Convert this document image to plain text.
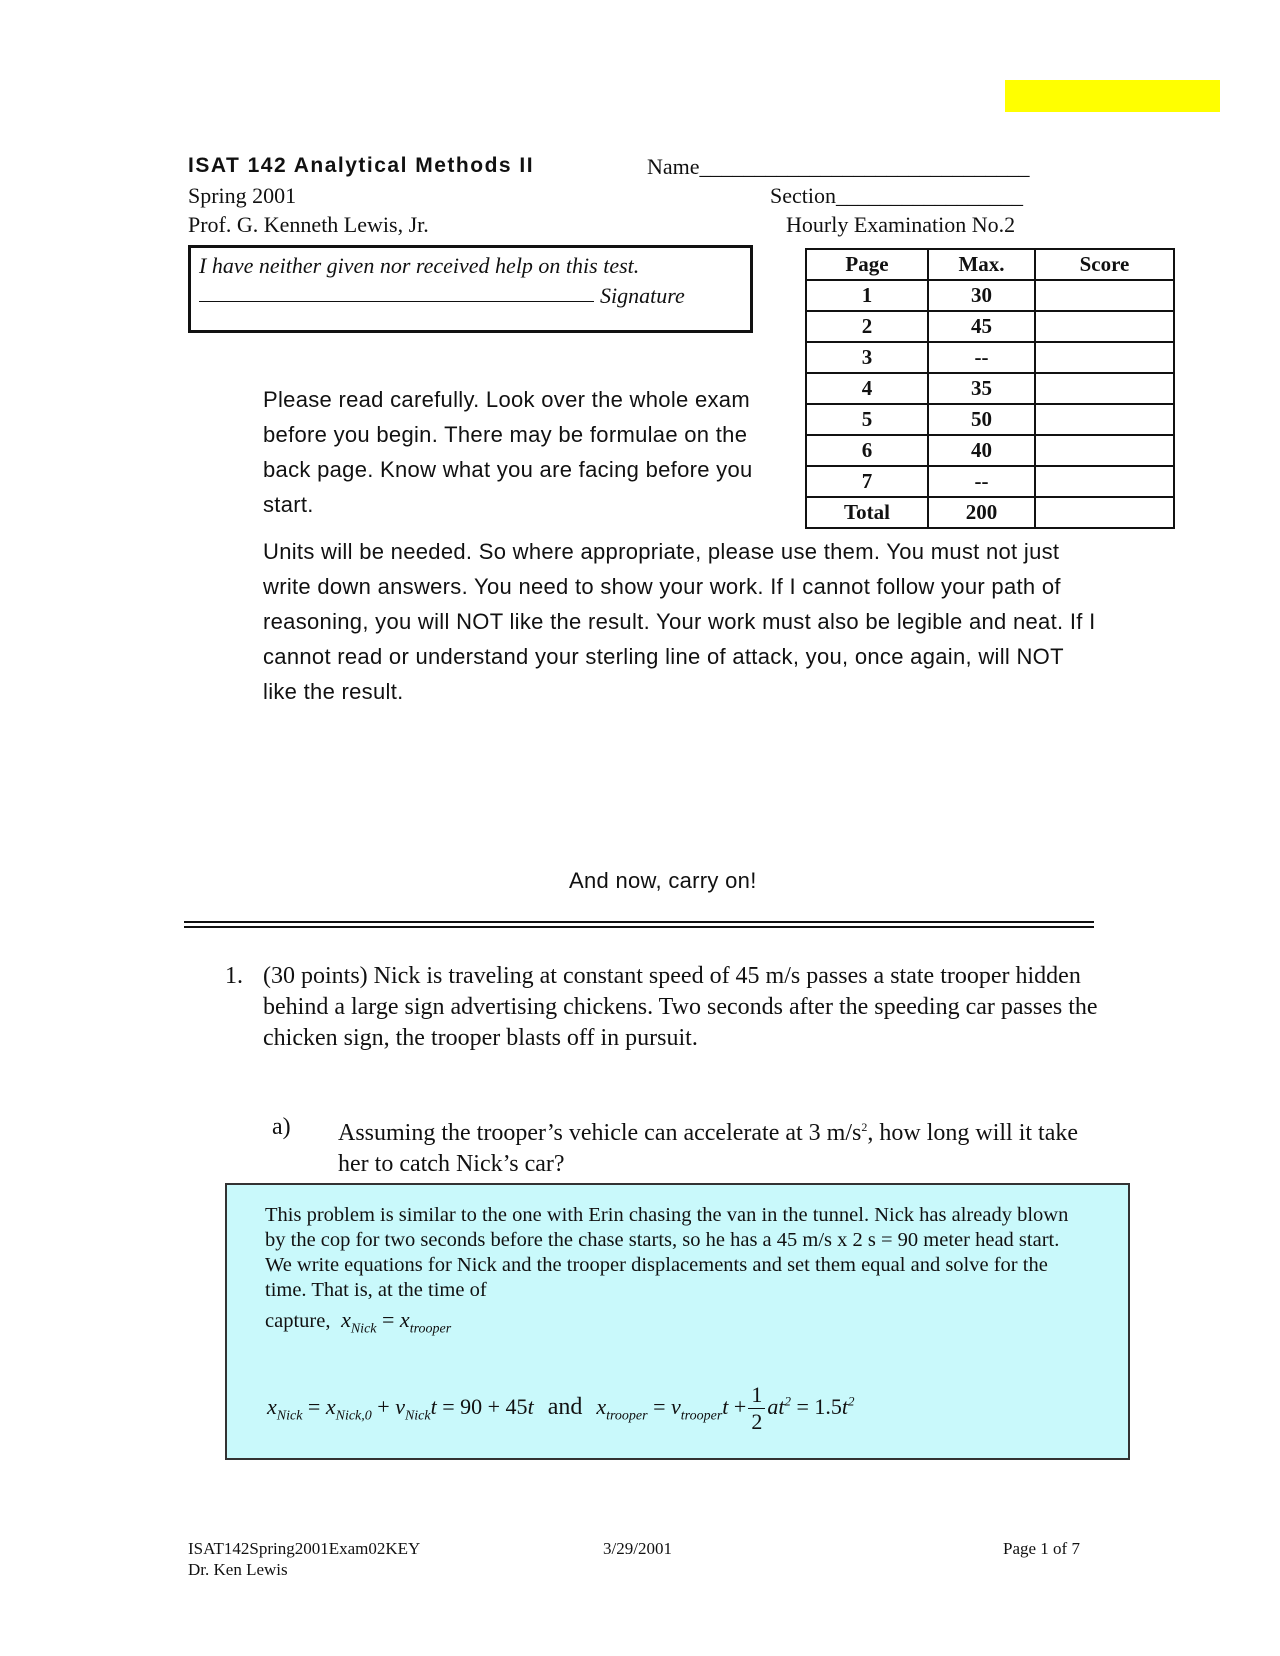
ISAT 142 Analytical Methods II
Spring 2001
Prof. G. Kenneth Lewis, Jr.
Name______________________________
Section_________________
Hourly Examination No.2
I have neither given nor received help on this test.
Signature
Page	Max.	Score
1	30	
2	45	
3	--	
4	35	
5	50	
6	40	
7	--	
Total	200	
Please read carefully. Look over the whole exam before you begin. There may be formulae on the back page. Know what you are facing before you start.
Units will be needed. So where appropriate, please use them. You must not just write down answers. You need to show your work. If I cannot follow your path of reasoning, you will NOT like the result. Your work must also be legible and neat. If I cannot read or understand your sterling line of attack, you, once again, will NOT like the result.
And now, carry on!
1. (30 points) Nick is traveling at constant speed of 45 m/s passes a state trooper hidden behind a large sign advertising chickens. Two seconds after the speeding car passes the chicken sign, the trooper blasts off in pursuit.
a) Assuming the trooper’s vehicle can accelerate at 3 $m/s^2$, how long will it take her to catch Nick’s car?
This problem is similar to the one with Erin chasing the van in the tunnel. Nick has already blown by the cop for two seconds before the chase starts, so he has a 45 m/s x 2 s = 90 meter head start. We write equations for Nick and the trooper displacements and set them equal and solve for the time. That is, at the time of
capture,  $x_{Nick} = x_{trooper}$
$x_{Nick} = x_{Nick,0} + v_{Nick}t = 90 + 45t$ and $x_{trooper} = v_{trooper}t + \frac{1}{2} at^2 = 1.5t^2$
ISAT142Spring2001Exam02KEY
Dr. Ken Lewis
3/29/2001	Page 1 of 7
